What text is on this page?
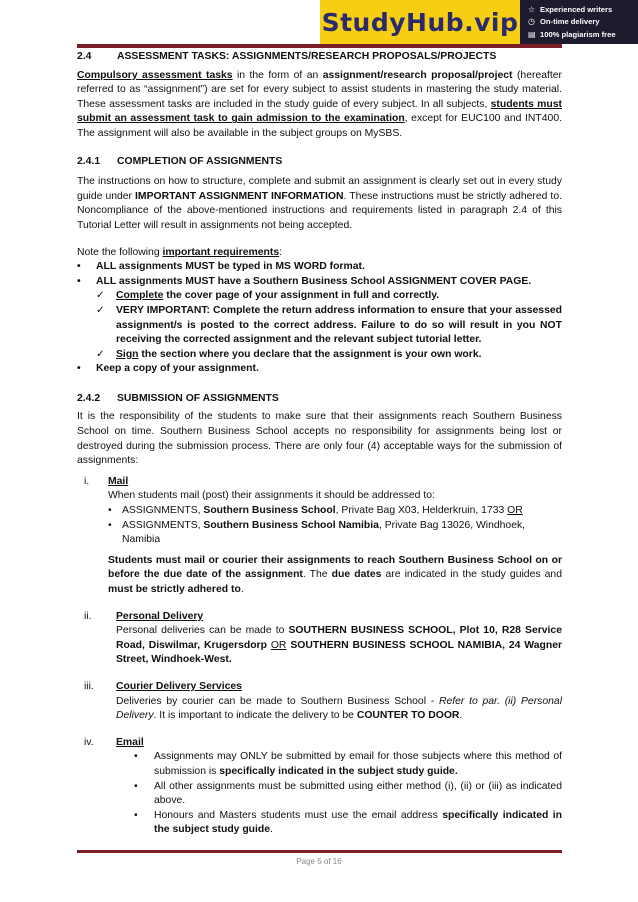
StudyHub.vip ☆ Experienced writers
◷ On-time delivery
▤ 100% plagiarism free
2.4 ASSESSMENT TASKS: ASSIGNMENTS/RESEARCH PROPOSALS/PROJECTS
Compulsory assessment tasks in the form of an assignment/research proposal/project (hereafter referred to as “assignment”) are set for every subject to assist students in mastering the study material. These assessment tasks are included in the study guide of every subject. In all subjects, students must submit an assessment task to gain admission to the examination, except for EUC100 and INT400. The assignment will also be available in the subject groups on MySBS.
2.4.1 COMPLETION OF ASSIGNMENTS
The instructions on how to structure, complete and submit an assignment is clearly set out in every study guide under IMPORTANT ASSIGNMENT INFORMATION. These instructions must be strictly adhered to. Noncompliance of the above-mentioned instructions and requirements listed in paragraph 2.4 of this Tutorial Letter will result in assignments not being accepted.
Note the following important requirements:
• ALL assignments MUST be typed in MS WORD format.
• ALL assignments MUST have a Southern Business School ASSIGNMENT COVER PAGE.
✓ Complete the cover page of your assignment in full and correctly.
✓ VERY IMPORTANT: Complete the return address information to ensure that your assessed assignment/s is posted to the correct address. Failure to do so will result in you NOT receiving the corrected assignment and the relevant subject tutorial letter.
✓ Sign the section where you declare that the assignment is your own work.
• Keep a copy of your assignment.
2.4.2 SUBMISSION OF ASSIGNMENTS
It is the responsibility of the students to make sure that their assignments reach Southern Business School on time. Southern Business School accepts no responsibility for assignments being lost or destroyed during the submission process. There are only four (4) acceptable ways for the submission of assignments:
i. Mail
When students mail (post) their assignments it should be addressed to:
• ASSIGNMENTS, Southern Business School, Private Bag X03, Helderkruin, 1733 OR
• ASSIGNMENTS, Southern Business School Namibia, Private Bag 13026, Windhoek, Namibia
Students must mail or courier their assignments to reach Southern Business School on or before the due date of the assignment. The due dates are indicated in the study guides and must be strictly adhered to.
ii. Personal Delivery
Personal deliveries can be made to SOUTHERN BUSINESS SCHOOL, Plot 10, R28 Service Road, Diswilmar, Krugersdorp OR SOUTHERN BUSINESS SCHOOL NAMIBIA, 24 Wagner Street, Windhoek-West.
iii. Courier Delivery Services
Deliveries by courier can be made to Southern Business School - Refer to par. (ii) Personal Delivery. It is important to indicate the delivery to be COUNTER TO DOOR.
iv. Email
• Assignments may ONLY be submitted by email for those subjects where this method of submission is specifically indicated in the subject study guide.
• All other assignments must be submitted using either method (i), (ii) or (iii) as indicated above.
• Honours and Masters students must use the email address specifically indicated in the subject study guide.
Page 5 of 16
